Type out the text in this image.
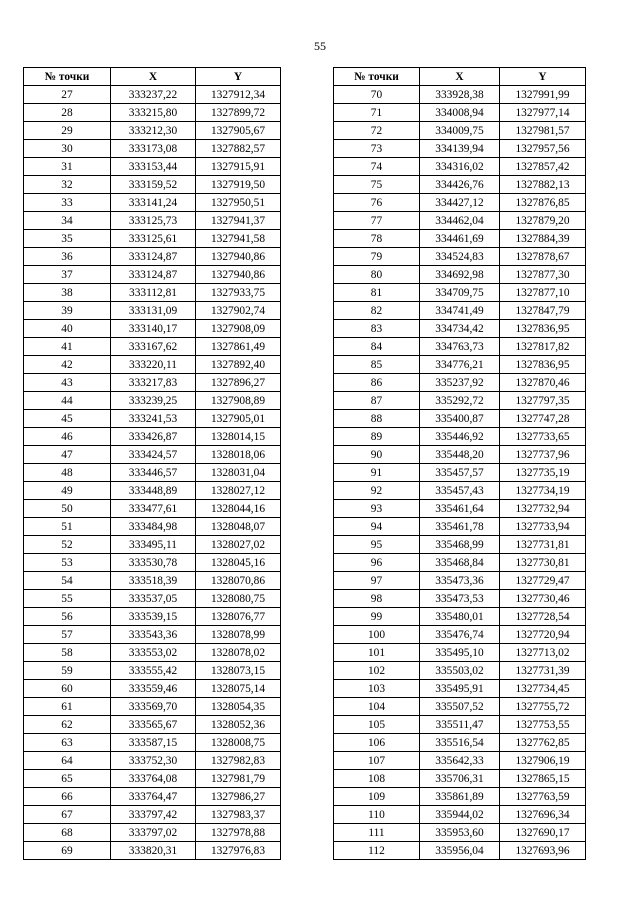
55
№ точки	X	Y
27	333237,22	1327912,34
28	333215,80	1327899,72
29	333212,30	1327905,67
30	333173,08	1327882,57
31	333153,44	1327915,91
32	333159,52	1327919,50
33	333141,24	1327950,51
34	333125,73	1327941,37
35	333125,61	1327941,58
36	333124,87	1327940,86
37	333124,87	1327940,86
38	333112,81	1327933,75
39	333131,09	1327902,74
40	333140,17	1327908,09
41	333167,62	1327861,49
42	333220,11	1327892,40
43	333217,83	1327896,27
44	333239,25	1327908,89
45	333241,53	1327905,01
46	333426,87	1328014,15
47	333424,57	1328018,06
48	333446,57	1328031,04
49	333448,89	1328027,12
50	333477,61	1328044,16
51	333484,98	1328048,07
52	333495,11	1328027,02
53	333530,78	1328045,16
54	333518,39	1328070,86
55	333537,05	1328080,75
56	333539,15	1328076,77
57	333543,36	1328078,99
58	333553,02	1328078,02
59	333555,42	1328073,15
60	333559,46	1328075,14
61	333569,70	1328054,35
62	333565,67	1328052,36
63	333587,15	1328008,75
64	333752,30	1327982,83
65	333764,08	1327981,79
66	333764,47	1327986,27
67	333797,42	1327983,37
68	333797,02	1327978,88
69	333820,31	1327976,83
№ точки	X	Y
70	333928,38	1327991,99
71	334008,94	1327977,14
72	334009,75	1327981,57
73	334139,94	1327957,56
74	334316,02	1327857,42
75	334426,76	1327882,13
76	334427,12	1327876,85
77	334462,04	1327879,20
78	334461,69	1327884,39
79	334524,83	1327878,67
80	334692,98	1327877,30
81	334709,75	1327877,10
82	334741,49	1327847,79
83	334734,42	1327836,95
84	334763,73	1327817,82
85	334776,21	1327836,95
86	335237,92	1327870,46
87	335292,72	1327797,35
88	335400,87	1327747,28
89	335446,92	1327733,65
90	335448,20	1327737,96
91	335457,57	1327735,19
92	335457,43	1327734,19
93	335461,64	1327732,94
94	335461,78	1327733,94
95	335468,99	1327731,81
96	335468,84	1327730,81
97	335473,36	1327729,47
98	335473,53	1327730,46
99	335480,01	1327728,54
100	335476,74	1327720,94
101	335495,10	1327713,02
102	335503,02	1327731,39
103	335495,91	1327734,45
104	335507,52	1327755,72
105	335511,47	1327753,55
106	335516,54	1327762,85
107	335642,33	1327906,19
108	335706,31	1327865,15
109	335861,89	1327763,59
110	335944,02	1327696,34
111	335953,60	1327690,17
112	335956,04	1327693,96
